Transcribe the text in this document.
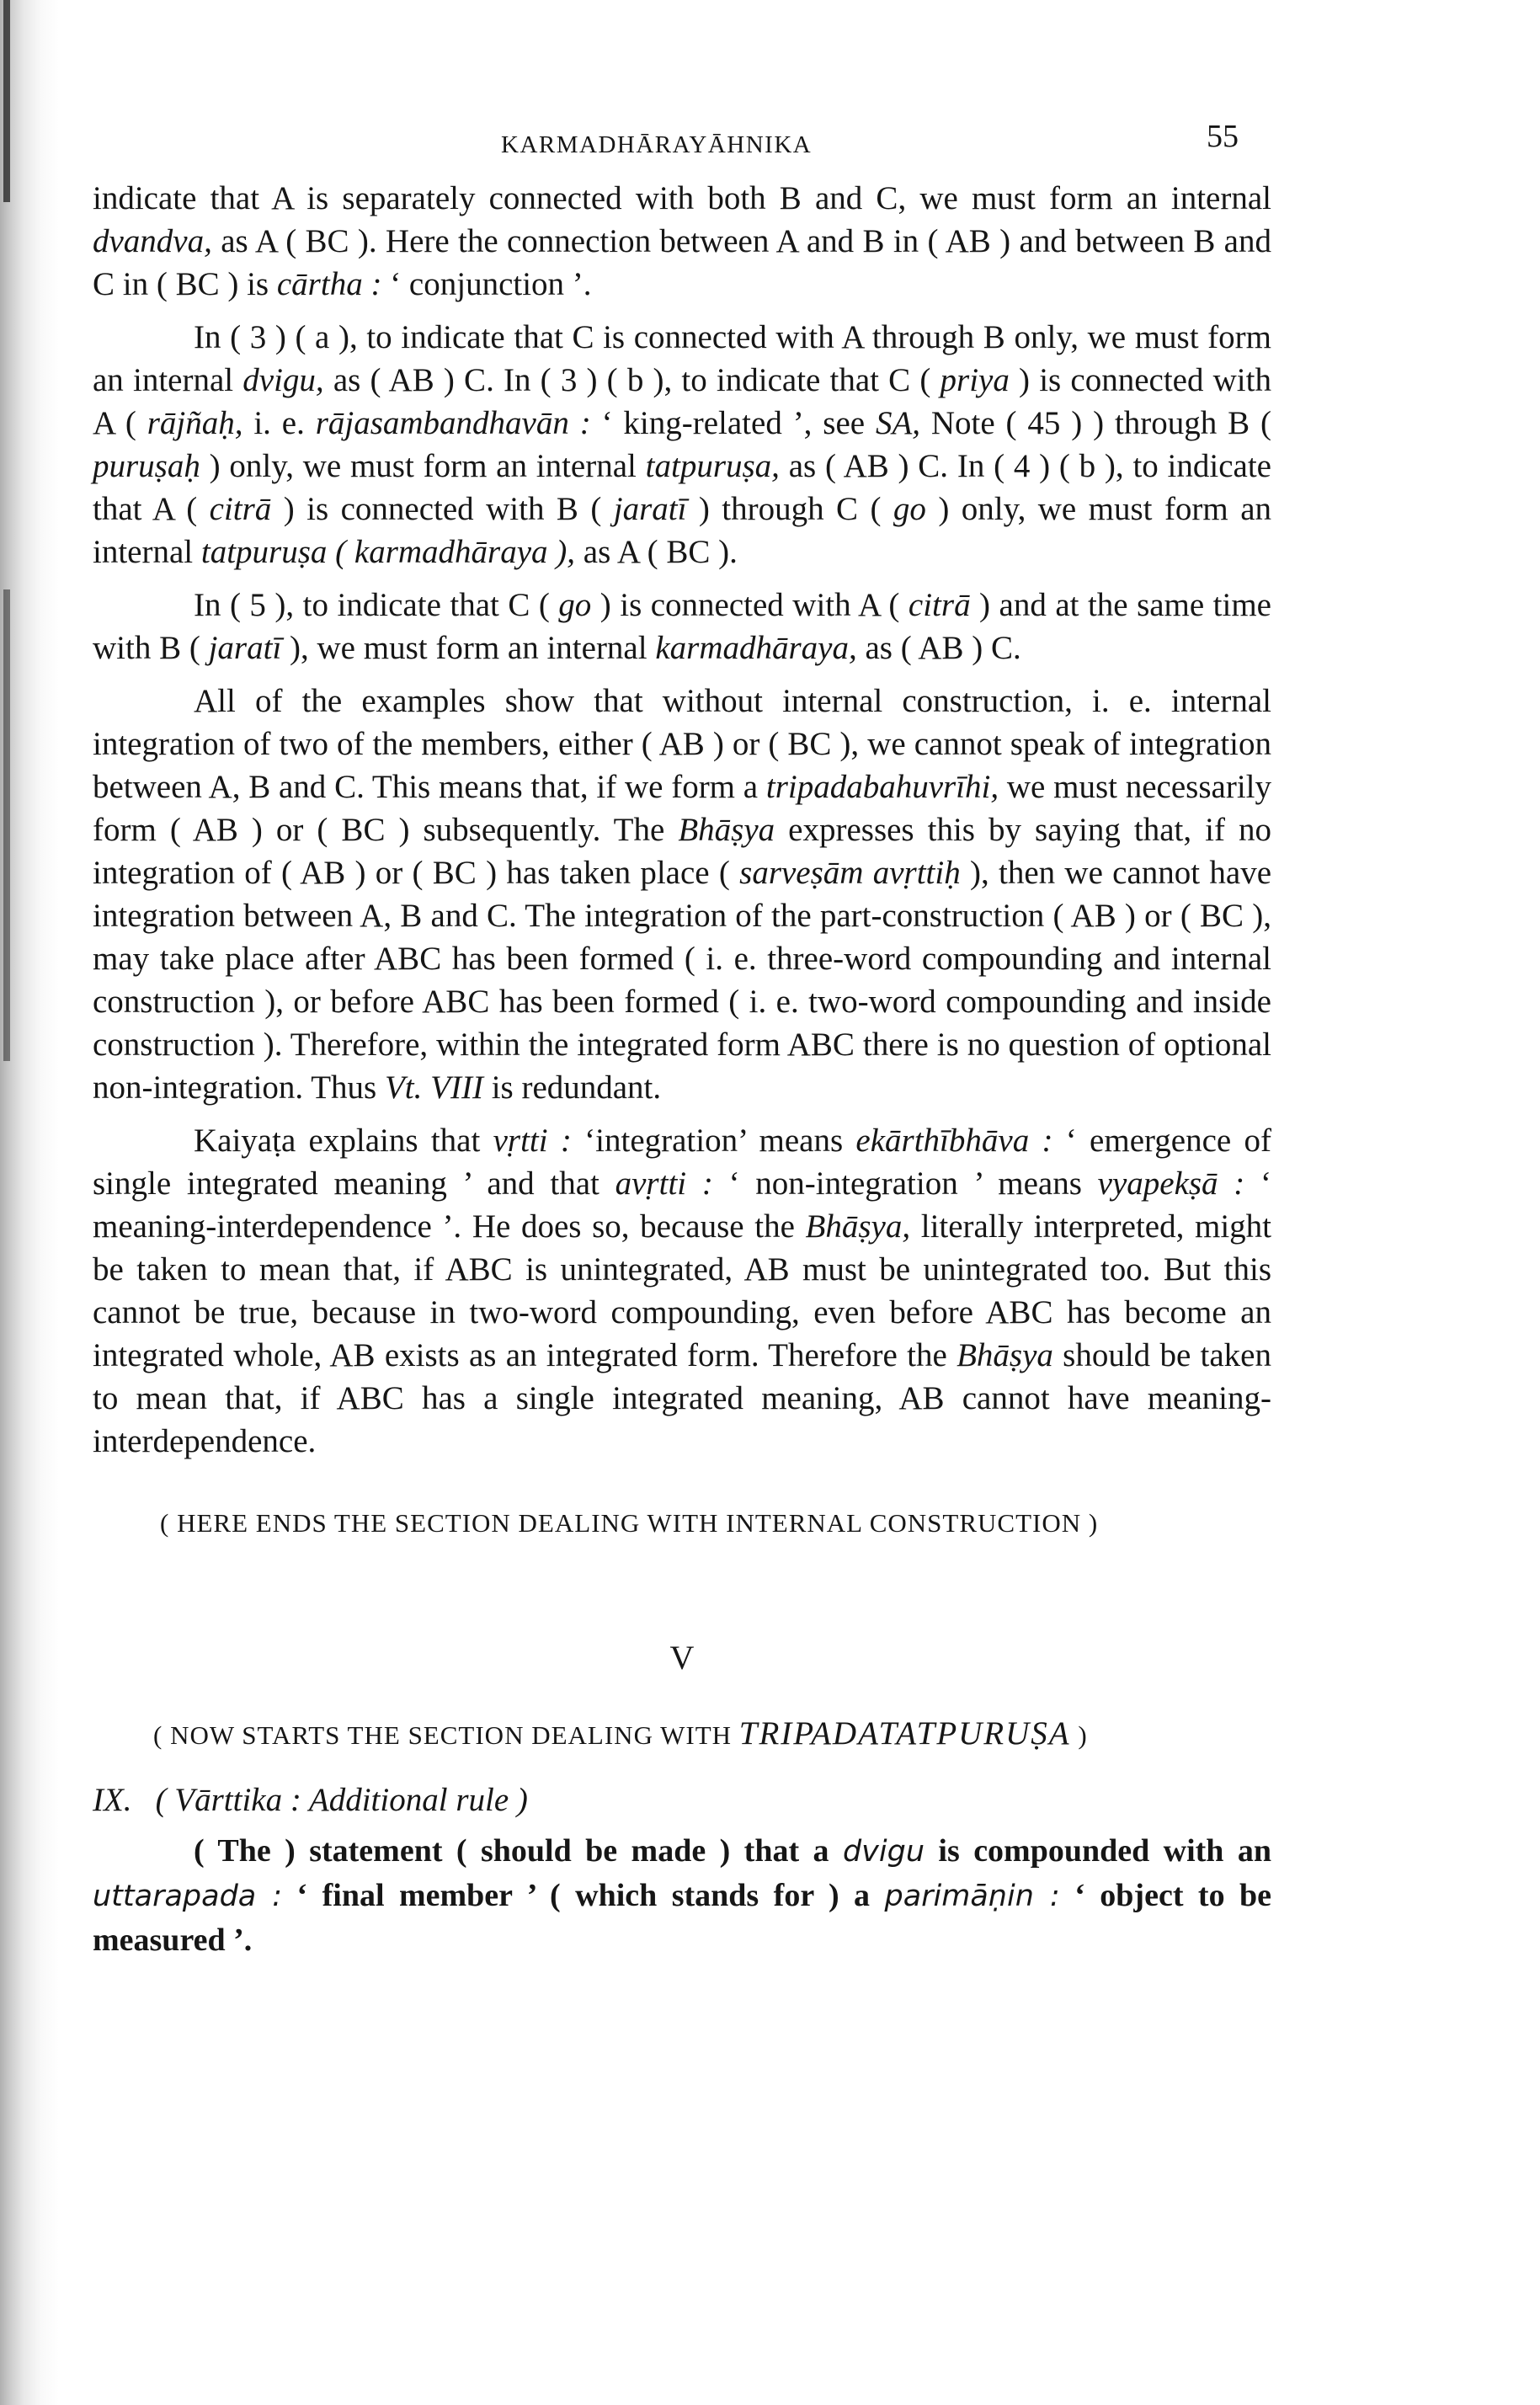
KARMADHĀRAYĀHNIKA	55

indicate that A is separately connected with both B and C, we must form an internal dvandva, as A ( BC ). Here the connection between A and B in ( AB ) and between B and C in ( BC ) is cārtha : ‘ conjunction ’.

In ( 3 ) ( a ), to indicate that C is connected with A through B only, we must form an internal dvigu, as ( AB ) C. In ( 3 ) ( b ), to indicate that C ( priya ) is connected with A ( rājñaḥ, i. e. rājasambandhavān : ‘ king-related ’, see SA, Note ( 45 ) ) through B ( puruṣaḥ ) only, we must form an internal tatpuruṣa, as ( AB ) C. In ( 4 ) ( b ), to indicate that A ( citrā ) is connected with B ( jaratī ) through C ( go ) only, we must form an internal tatpuruṣa ( karmadhāraya ), as A ( BC ).

In ( 5 ), to indicate that C ( go ) is connected with A ( citrā ) and at the same time with B ( jaratī ), we must form an internal karmadhāraya, as ( AB ) C.

All of the examples show that without internal construction, i. e. internal integration of two of the members, either ( AB ) or ( BC ), we cannot speak of integration between A, B and C. This means that, if we form a tripadabahuvrīhi, we must necessarily form ( AB ) or ( BC ) subsequently. The Bhāṣya expresses this by saying that, if no integration of ( AB ) or ( BC ) has taken place ( sarveṣām avṛttiḥ ), then we cannot have integration between A, B and C. The integration of the part-construction ( AB ) or ( BC ), may take place after ABC has been formed ( i. e. three-word compounding and internal construction ), or before ABC has been formed ( i. e. two-word compounding and inside construction ). Therefore, within the integrated form ABC there is no question of optional non-integration. Thus Vt. VIII is redundant.

Kaiyaṭa explains that vṛtti : ‘integration’ means ekārthībhāva : ‘ emergence of single integrated meaning ’ and that avṛtti : ‘ non-integration ’ means vyapekṣā : ‘ meaning-interdependence ’. He does so, because the Bhāṣya, literally interpreted, might be taken to mean that, if ABC is unintegrated, AB must be unintegrated too. But this cannot be true, because in two-word compounding, even before ABC has become an integrated whole, AB exists as an integrated form. Therefore the Bhāṣya should be taken to mean that, if ABC has a single integrated meaning, AB cannot have meaning-interdependence.

( HERE ENDS THE SECTION DEALING WITH INTERNAL CONSTRUCTION )
V
( NOW STARTS THE SECTION DEALING WITH TRIPADATATPURUṢA )
IX. ( Vārttika : Additional rule )

( The ) statement ( should be made ) that a dvigu is compounded with an uttarapada : ‘ final member ’ ( which stands for ) a parimāṇin : ‘ object to be measured ’.
